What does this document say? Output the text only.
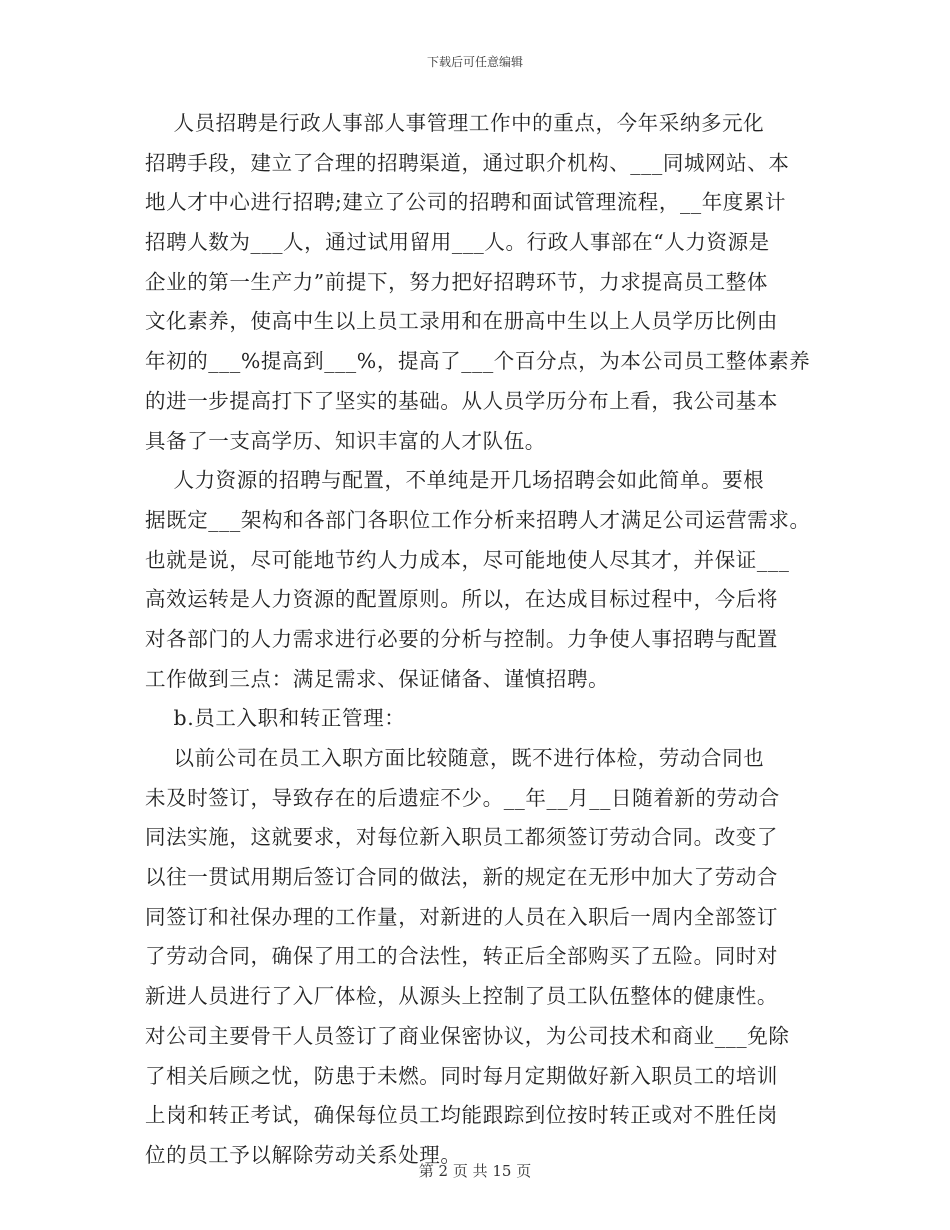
下载后可任意编辑
人员招聘是行政人事部人事管理工作中的重点，今年采纳多元化
招聘手段，建立了合理的招聘渠道，通过职介机构、___同城网站、本
地人才中心进行招聘;建立了公司的招聘和面试管理流程，__年度累计
招聘人数为___人，通过试用留用___人。行政人事部在“人力资源是
企业的第一生产力”前提下，努力把好招聘环节，力求提高员工整体
文化素养，使高中生以上员工录用和在册高中生以上人员学历比例由
年初的___%提高到___%，提高了___个百分点，为本公司员工整体素养
的进一步提高打下了坚实的基础。从人员学历分布上看，我公司基本
具备了一支高学历、知识丰富的人才队伍。
人力资源的招聘与配置，不单纯是开几场招聘会如此简单。要根
据既定___架构和各部门各职位工作分析来招聘人才满足公司运营需求。
也就是说，尽可能地节约人力成本，尽可能地使人尽其才，并保证___
高效运转是人力资源的配置原则。所以，在达成目标过程中，今后将
对各部门的人力需求进行必要的分析与控制。力争使人事招聘与配置
工作做到三点：满足需求、保证储备、谨慎招聘。
b.员工入职和转正管理：
以前公司在员工入职方面比较随意，既不进行体检，劳动合同也
未及时签订，导致存在的后遗症不少。__年__月__日随着新的劳动合
同法实施，这就要求，对每位新入职员工都须签订劳动合同。改变了
以往一贯试用期后签订合同的做法，新的规定在无形中加大了劳动合
同签订和社保办理的工作量，对新进的人员在入职后一周内全部签订
了劳动合同，确保了用工的合法性，转正后全部购买了五险。同时对
新进人员进行了入厂体检，从源头上控制了员工队伍整体的健康性。
对公司主要骨干人员签订了商业保密协议，为公司技术和商业___免除
了相关后顾之忧，防患于未燃。同时每月定期做好新入职员工的培训
上岗和转正考试，确保每位员工均能跟踪到位按时转正或对不胜任岗
位的员工予以解除劳动关系处理。
第 2 页 共 15 页
